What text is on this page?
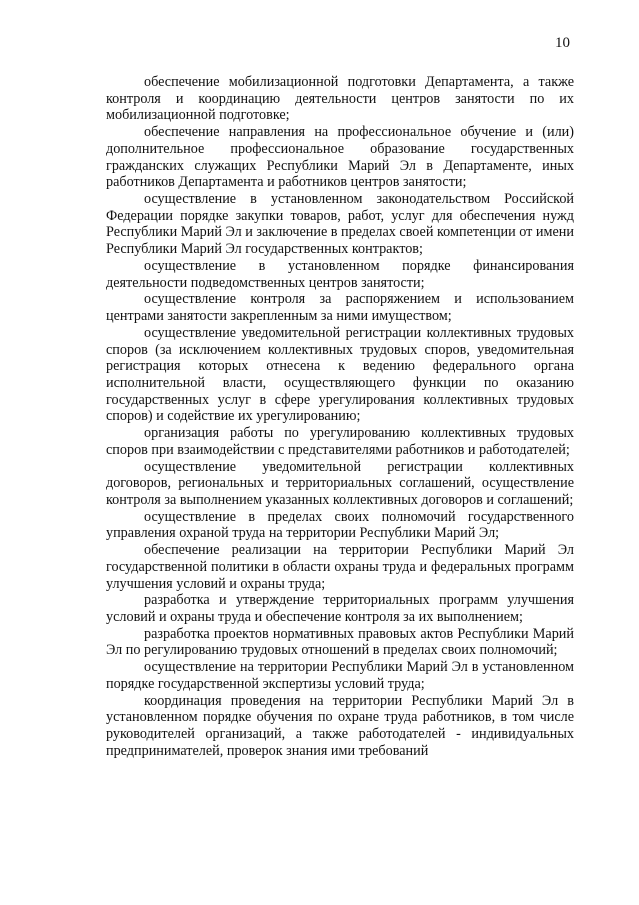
10

обеспечение мобилизационной подготовки Департамента, а также контроля и координацию деятельности центров занятости по их мобилизационной подготовке;

обеспечение направления на профессиональное обучение и (или) дополнительное профессиональное образование государственных гражданских служащих Республики Марий Эл в Департаменте, иных работников Департамента и работников центров занятости;

осуществление в установленном законодательством Российской Федерации порядке закупки товаров, работ, услуг для обеспечения нужд Республики Марий Эл и заключение в пределах своей компетенции от имени Республики Марий Эл государственных контрактов;

осуществление в установленном порядке финансирования деятельности подведомственных центров занятости;

осуществление контроля за распоряжением и использованием центрами занятости закрепленным за ними имуществом;

осуществление уведомительной регистрации коллективных трудовых споров (за исключением коллективных трудовых споров, уведомительная регистрация которых отнесена к ведению федерального органа исполнительной власти, осуществляющего функции по оказанию государственных услуг в сфере урегулирования коллективных трудовых споров) и содействие их урегулированию;

организация работы по урегулированию коллективных трудовых споров при взаимодействии с представителями работников и работодателей;

осуществление уведомительной регистрации коллективных договоров, региональных и территориальных соглашений, осуществление контроля за выполнением указанных коллективных договоров и соглашений;

осуществление в пределах своих полномочий государственного управления охраной труда на территории Республики Марий Эл;

обеспечение реализации на территории Республики Марий Эл государственной политики в области охраны труда и федеральных программ улучшения условий и охраны труда;

разработка и утверждение территориальных программ улучшения условий и охраны труда и обеспечение контроля за их выполнением;

разработка проектов нормативных правовых актов Республики Марий Эл по регулированию трудовых отношений в пределах своих полномочий;

осуществление на территории Республики Марий Эл в установленном порядке государственной экспертизы условий труда;

координация проведения на территории Республики Марий Эл в установленном порядке обучения по охране труда работников, в том числе руководителей организаций, а также работодателей - индивидуальных предпринимателей, проверок знания ими требований
